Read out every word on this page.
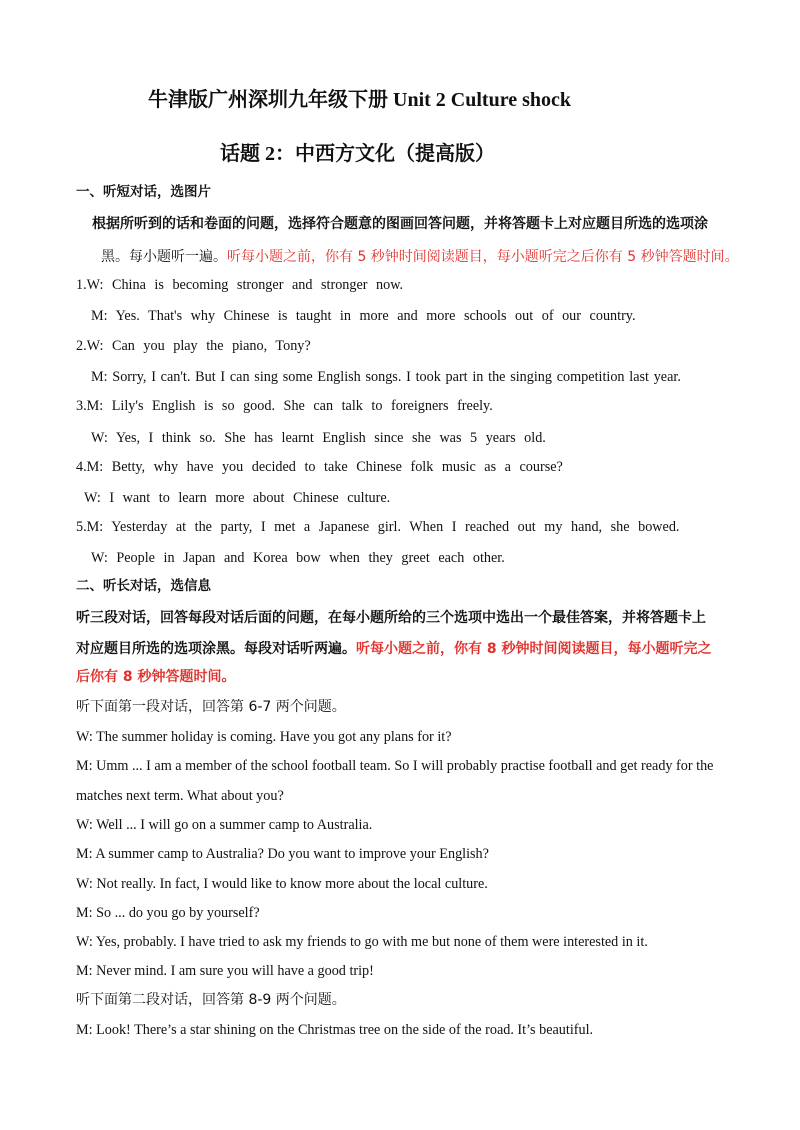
牛津版广州深圳九年级下册 Unit 2 Culture shock
话题 2：中西方文化（提高版）
一、听短对话，选图片
根据所听到的话和卷面的问题，选择符合题意的图画回答问题，并将答题卡上对应题目所选的选项涂
黑。每小题听一遍。听每小题之前，你有 5 秒钟时间阅读题目，每小题听完之后你有 5 秒钟答题时间。
1.W: China is becoming stronger and stronger now.
M: Yes. That's why Chinese is taught in more and more schools out of our country.
2.W: Can you play the piano, Tony?
M: Sorry, I can't. But I can sing some English songs. I took part in the singing competition last year.
3.M: Lily's English is so good. She can talk to foreigners freely.
W: Yes, I think so. She has learnt English since she was 5 years old.
4.M: Betty, why have you decided to take Chinese folk music as a course?
W: I want to learn more about Chinese culture.
5.M: Yesterday at the party, I met a Japanese girl. When I reached out my hand, she bowed.
W: People in Japan and Korea bow when they greet each other.
二、听长对话，选信息
听三段对话，回答每段对话后面的问题，在每小题所给的三个选项中选出一个最佳答案，并将答题卡上
对应题目所选的选项涂黑。每段对话听两遍。听每小题之前，你有 8 秒钟时间阅读题目，每小题听完之
后你有 8 秒钟答题时间。
听下面第一段对话，回答第 6-7 两个问题。
W: The summer holiday is coming. Have you got any plans for it?
M: Umm ... I am a member of the school football team. So I will probably practise football and get ready for the
matches next term. What about you?
W: Well ... I will go on a summer camp to Australia.
M: A summer camp to Australia? Do you want to improve your English?
W: Not really. In fact, I would like to know more about the local culture.
M: So ... do you go by yourself?
W: Yes, probably. I have tried to ask my friends to go with me but none of them were interested in it.
M: Never mind. I am sure you will have a good trip!
听下面第二段对话，回答第 8-9 两个问题。
M: Look! There’s a star shining on the Christmas tree on the side of the road. It’s beautiful.
